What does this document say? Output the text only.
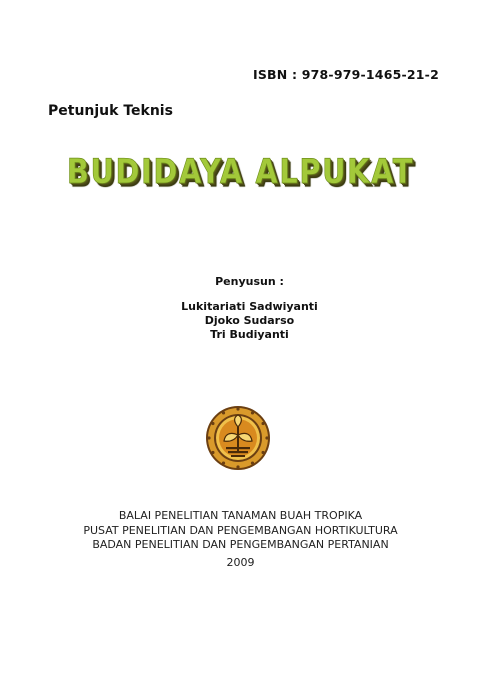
ISBN : 978-979-1465-21-2
Petunjuk Teknis
BUDIDAYA ALPUKAT
Penyusun :
Lukitariati Sadwiyanti
Djoko Sudarso
Tri Budiyanti
BALAI PENELITIAN TANAMAN BUAH TROPIKA
PUSAT PENELITIAN DAN PENGEMBANGAN HORTIKULTURA
BADAN PENELITIAN DAN PENGEMBANGAN PERTANIAN
2009
